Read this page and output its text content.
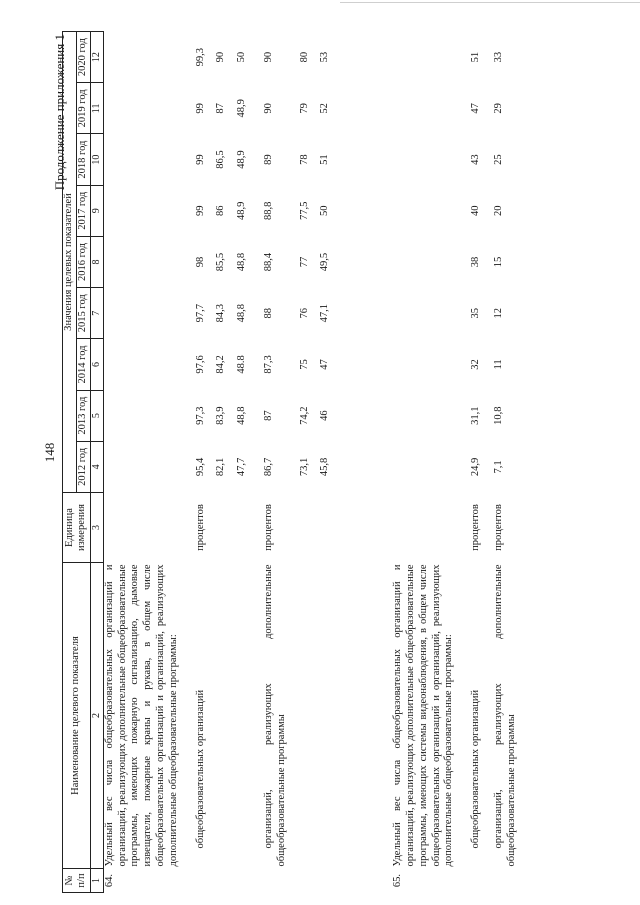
148
Продолжение приложения 1
№ п/п	Наименование целевого показателя	Единица измерения	Значения целевых показателей								
			2012 год	2013 год	2014 год	2015 год	2016 год	2017 год	2018 год	2019 год	2020 год
1	2	3	4	5	6	7	8	9	10	11	12
64.	Удельный вес числа общеобразовательных организаций и организаций, реализующих дополнительные общеобразовательные программы, имеющих пожарную сигнализацию, дымовые извещатели, пожарные краны и рукава, в общем числе общеобразовательных организаций и организаций, реализующих дополнительные общеобразовательные программы:										
	общеобразовательных организаций	процентов	95,4	97,3	97,6	97,7	98	99	99	99	99,3
			82,1	83,9	84,2	84,3	85,5	86	86,5	87	90
			47,7	48,8	48.8	48,8	48,8	48,9	48,9	48,9	50
	организаций, реализующих дополнительные общеобразовательные программы	процентов	86,7	87	87,3	88	88,4	88,8	89	90	90
			73,1	74,2	75	76	77	77,5	78	79	80
			45,8	46	47	47,1	49,5	50	51	52	53
65.	Удельный вес числа общеобразовательных организаций и организаций, реализующих дополнительные общеобразовательные программы, имеющих системы видеонаблюдения, в общем числе общеобразовательных организаций и организаций, реализующих дополнительные общеобразовательные программы:										
	общеобразовательных организаций	процентов	24,9	31,1	32	35	38	40	43	47	51
	организаций, реализующих дополнительные общеобразовательные программы	процентов	7,1	10,8	11	12	15	20	25	29	33
